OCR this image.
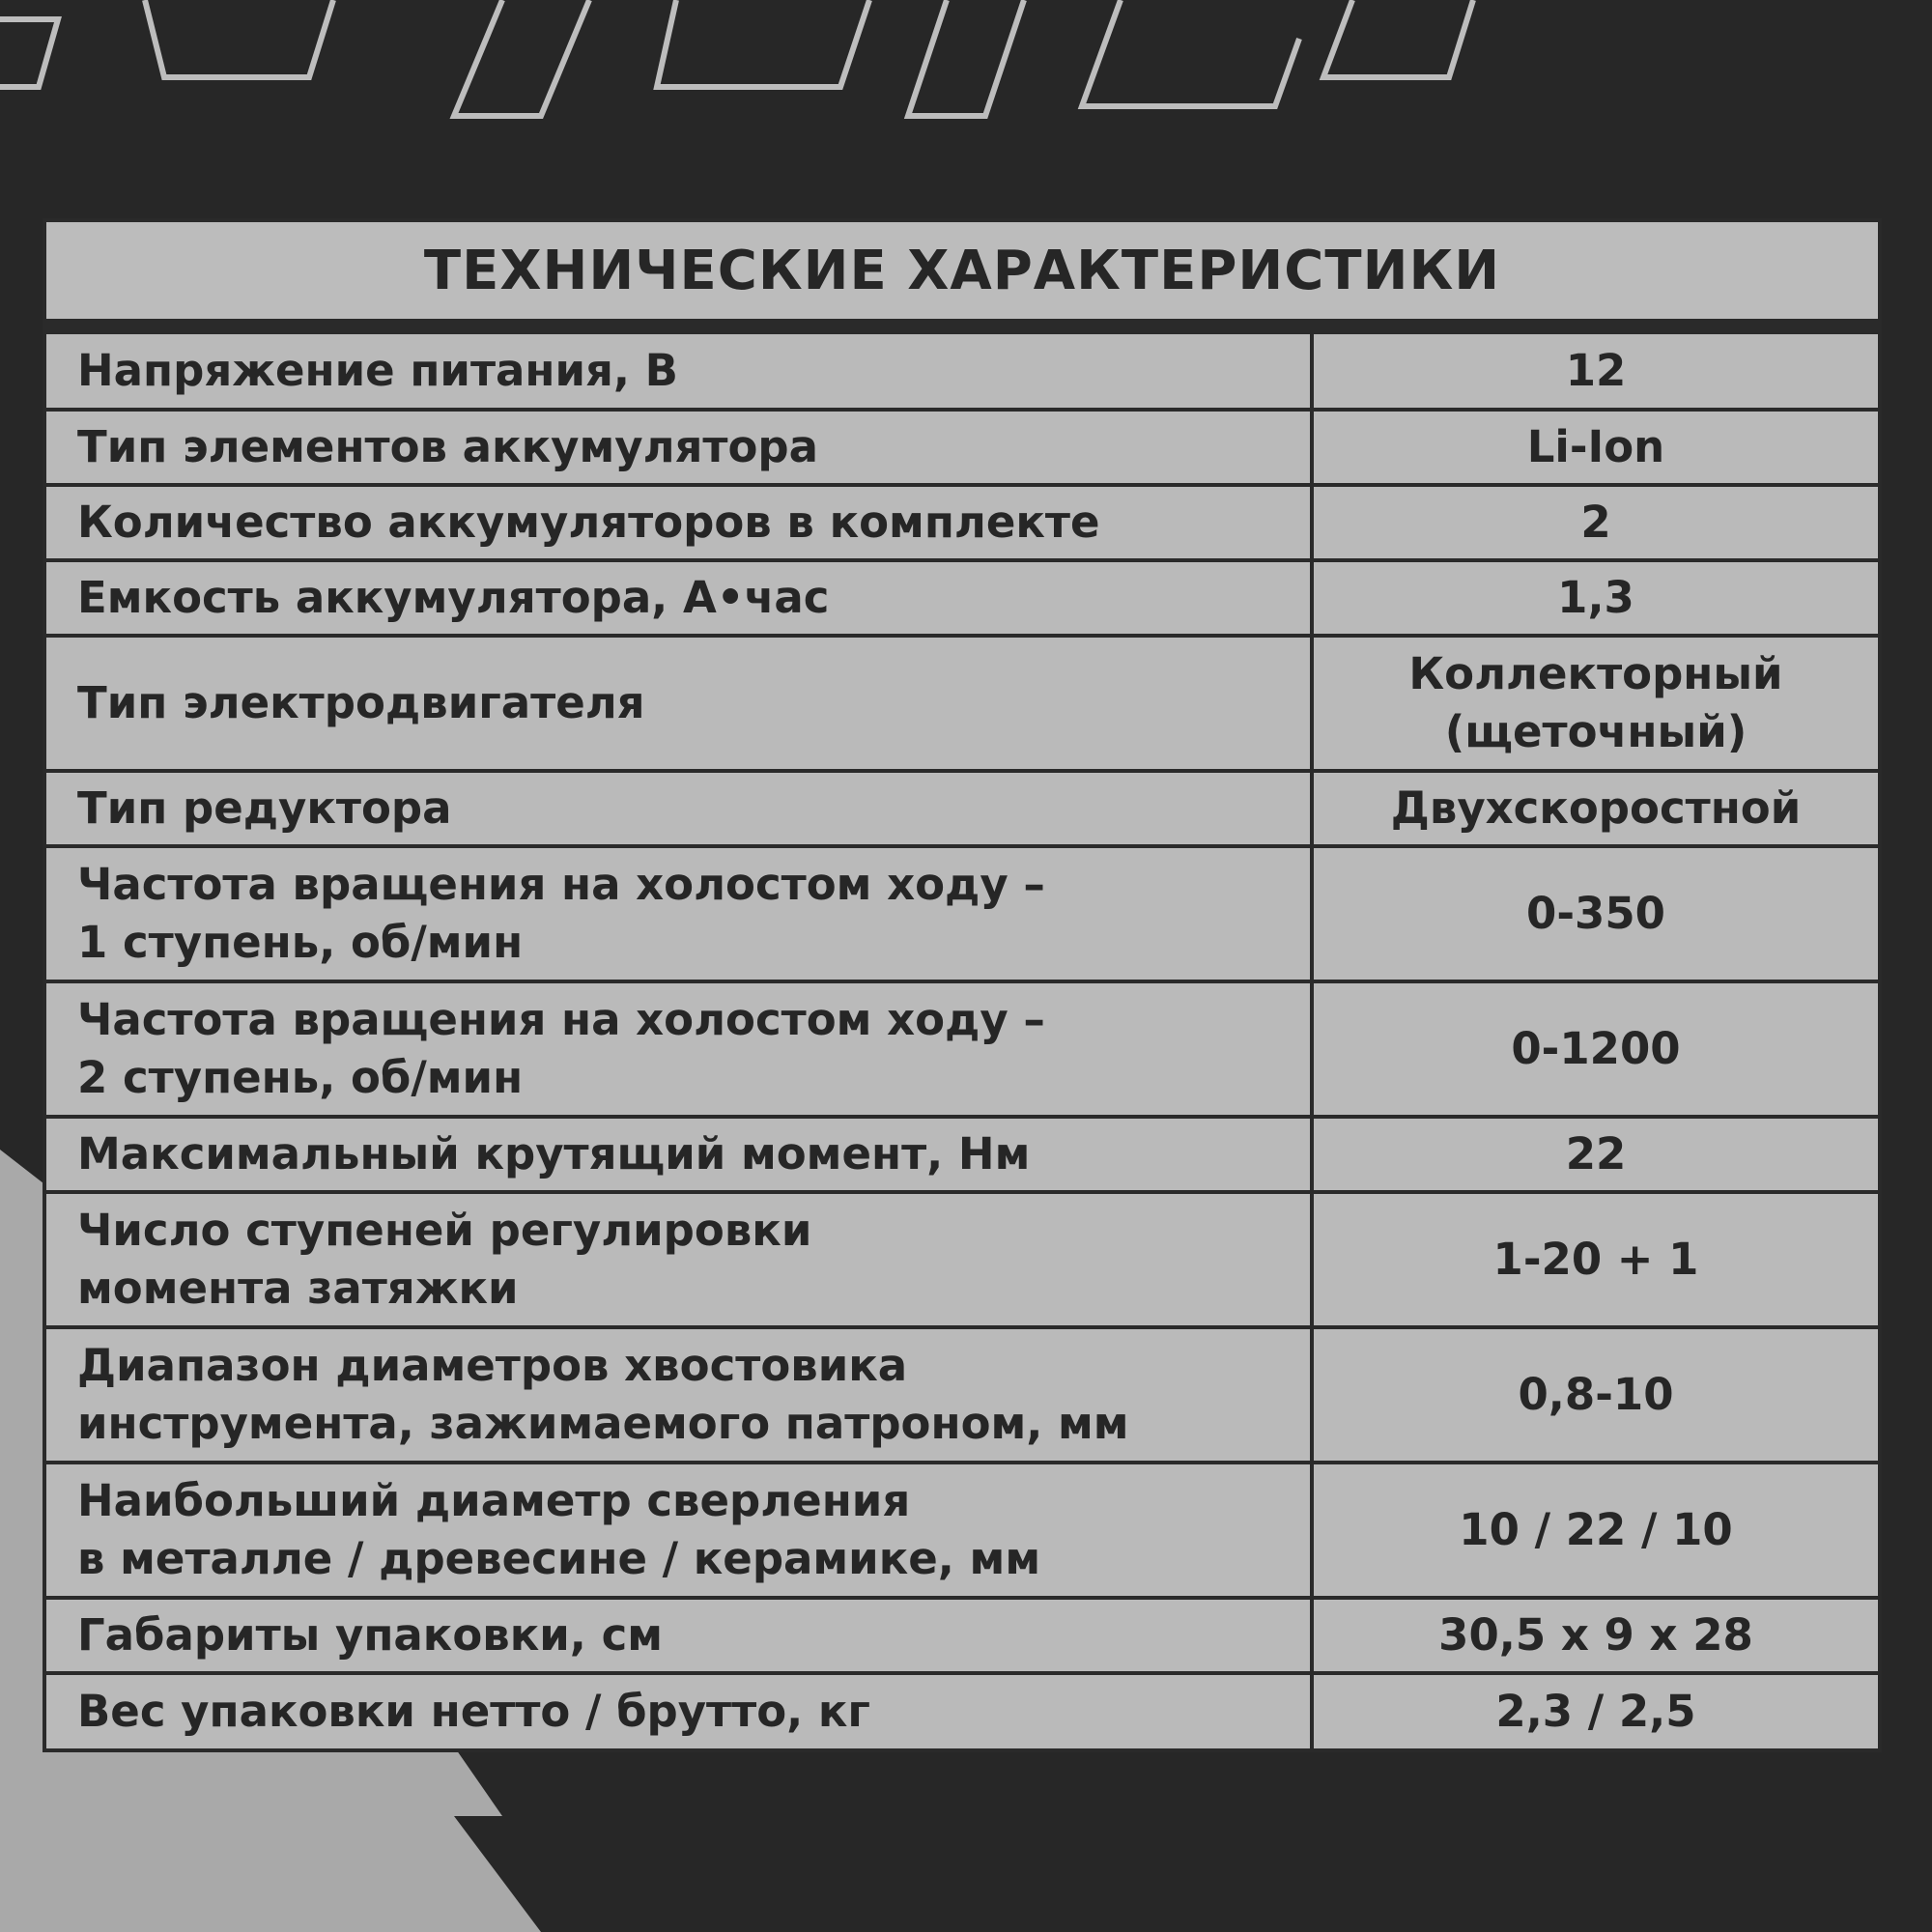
ТЕХНИЧЕСКИЕ ХАРАКТЕРИСТИКИ
Напряжение питания, В	12
Тип элементов аккумулятора	Li-Ion
Количество аккумуляторов в комплекте	2
Емкость аккумулятора, А•час	1,3
Тип электродвигателя	Коллекторный
(щеточный)
Тип редуктора	Двухскоростной
Частота вращения на холостом ходу –
1 ступень, об/мин	0-350
Частота вращения на холостом ходу –
2 ступень, об/мин	0-1200
Максимальный крутящий момент, Нм	22
Число ступеней регулировки
момента затяжки	1-20 + 1
Диапазон диаметров хвостовика
инструмента, зажимаемого патроном, мм	0,8-10
Наибольший диаметр сверления
в металле / древесине / керамике, мм	10 / 22 / 10
Габариты упаковки, см	30,5 х 9 х 28
Вес упаковки нетто / брутто, кг	2,3 / 2,5
